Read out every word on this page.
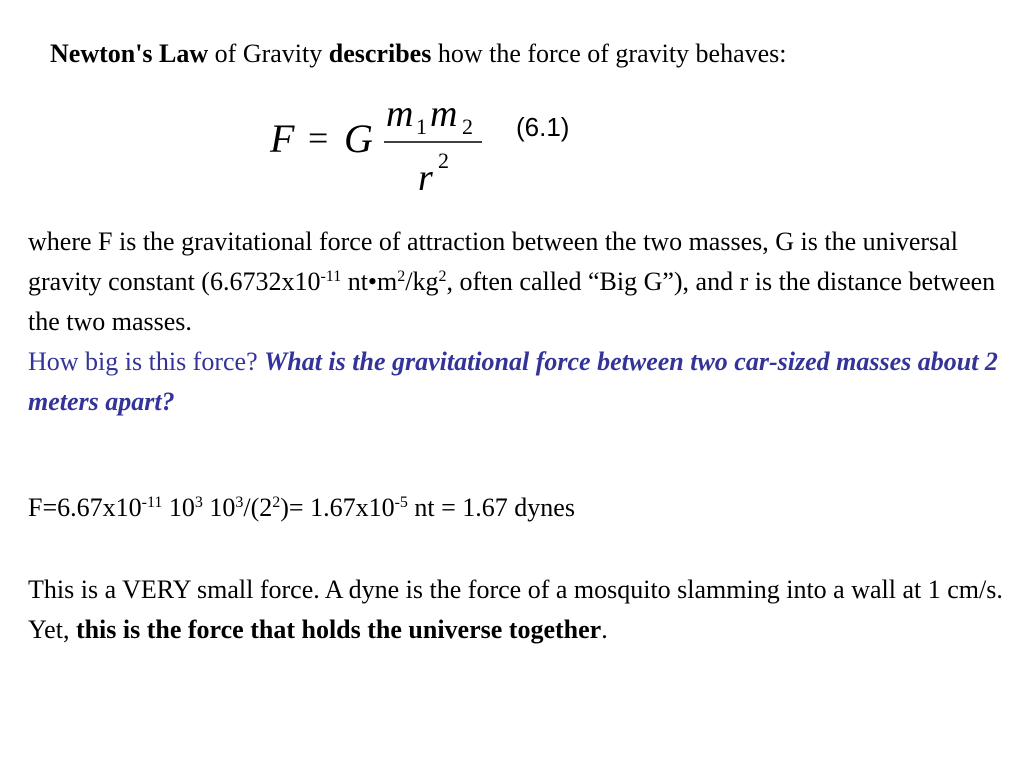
Newton's Law of Gravity describes how the force of gravity behaves:

F = G
m 1 m 2
r 2
(6.1)

where F is the gravitational force of attraction between the two masses, G is the universal gravity constant ($6.6732x10^{-11}$ $nt•m^2/kg^2$, often called “Big G”), and r is the distance between the two masses.
How big is this force? What is the gravitational force between two car-sized masses about 2 meters apart?

$F=6.67x10^{-11}$ $10^3$ $10^3/(2^2)= 1.67x10^{-5}$ nt = 1.67 dynes

This is a VERY small force. A dyne is the force of a mosquito slamming into a wall at 1 cm/s. Yet, this is the force that holds the universe together.
